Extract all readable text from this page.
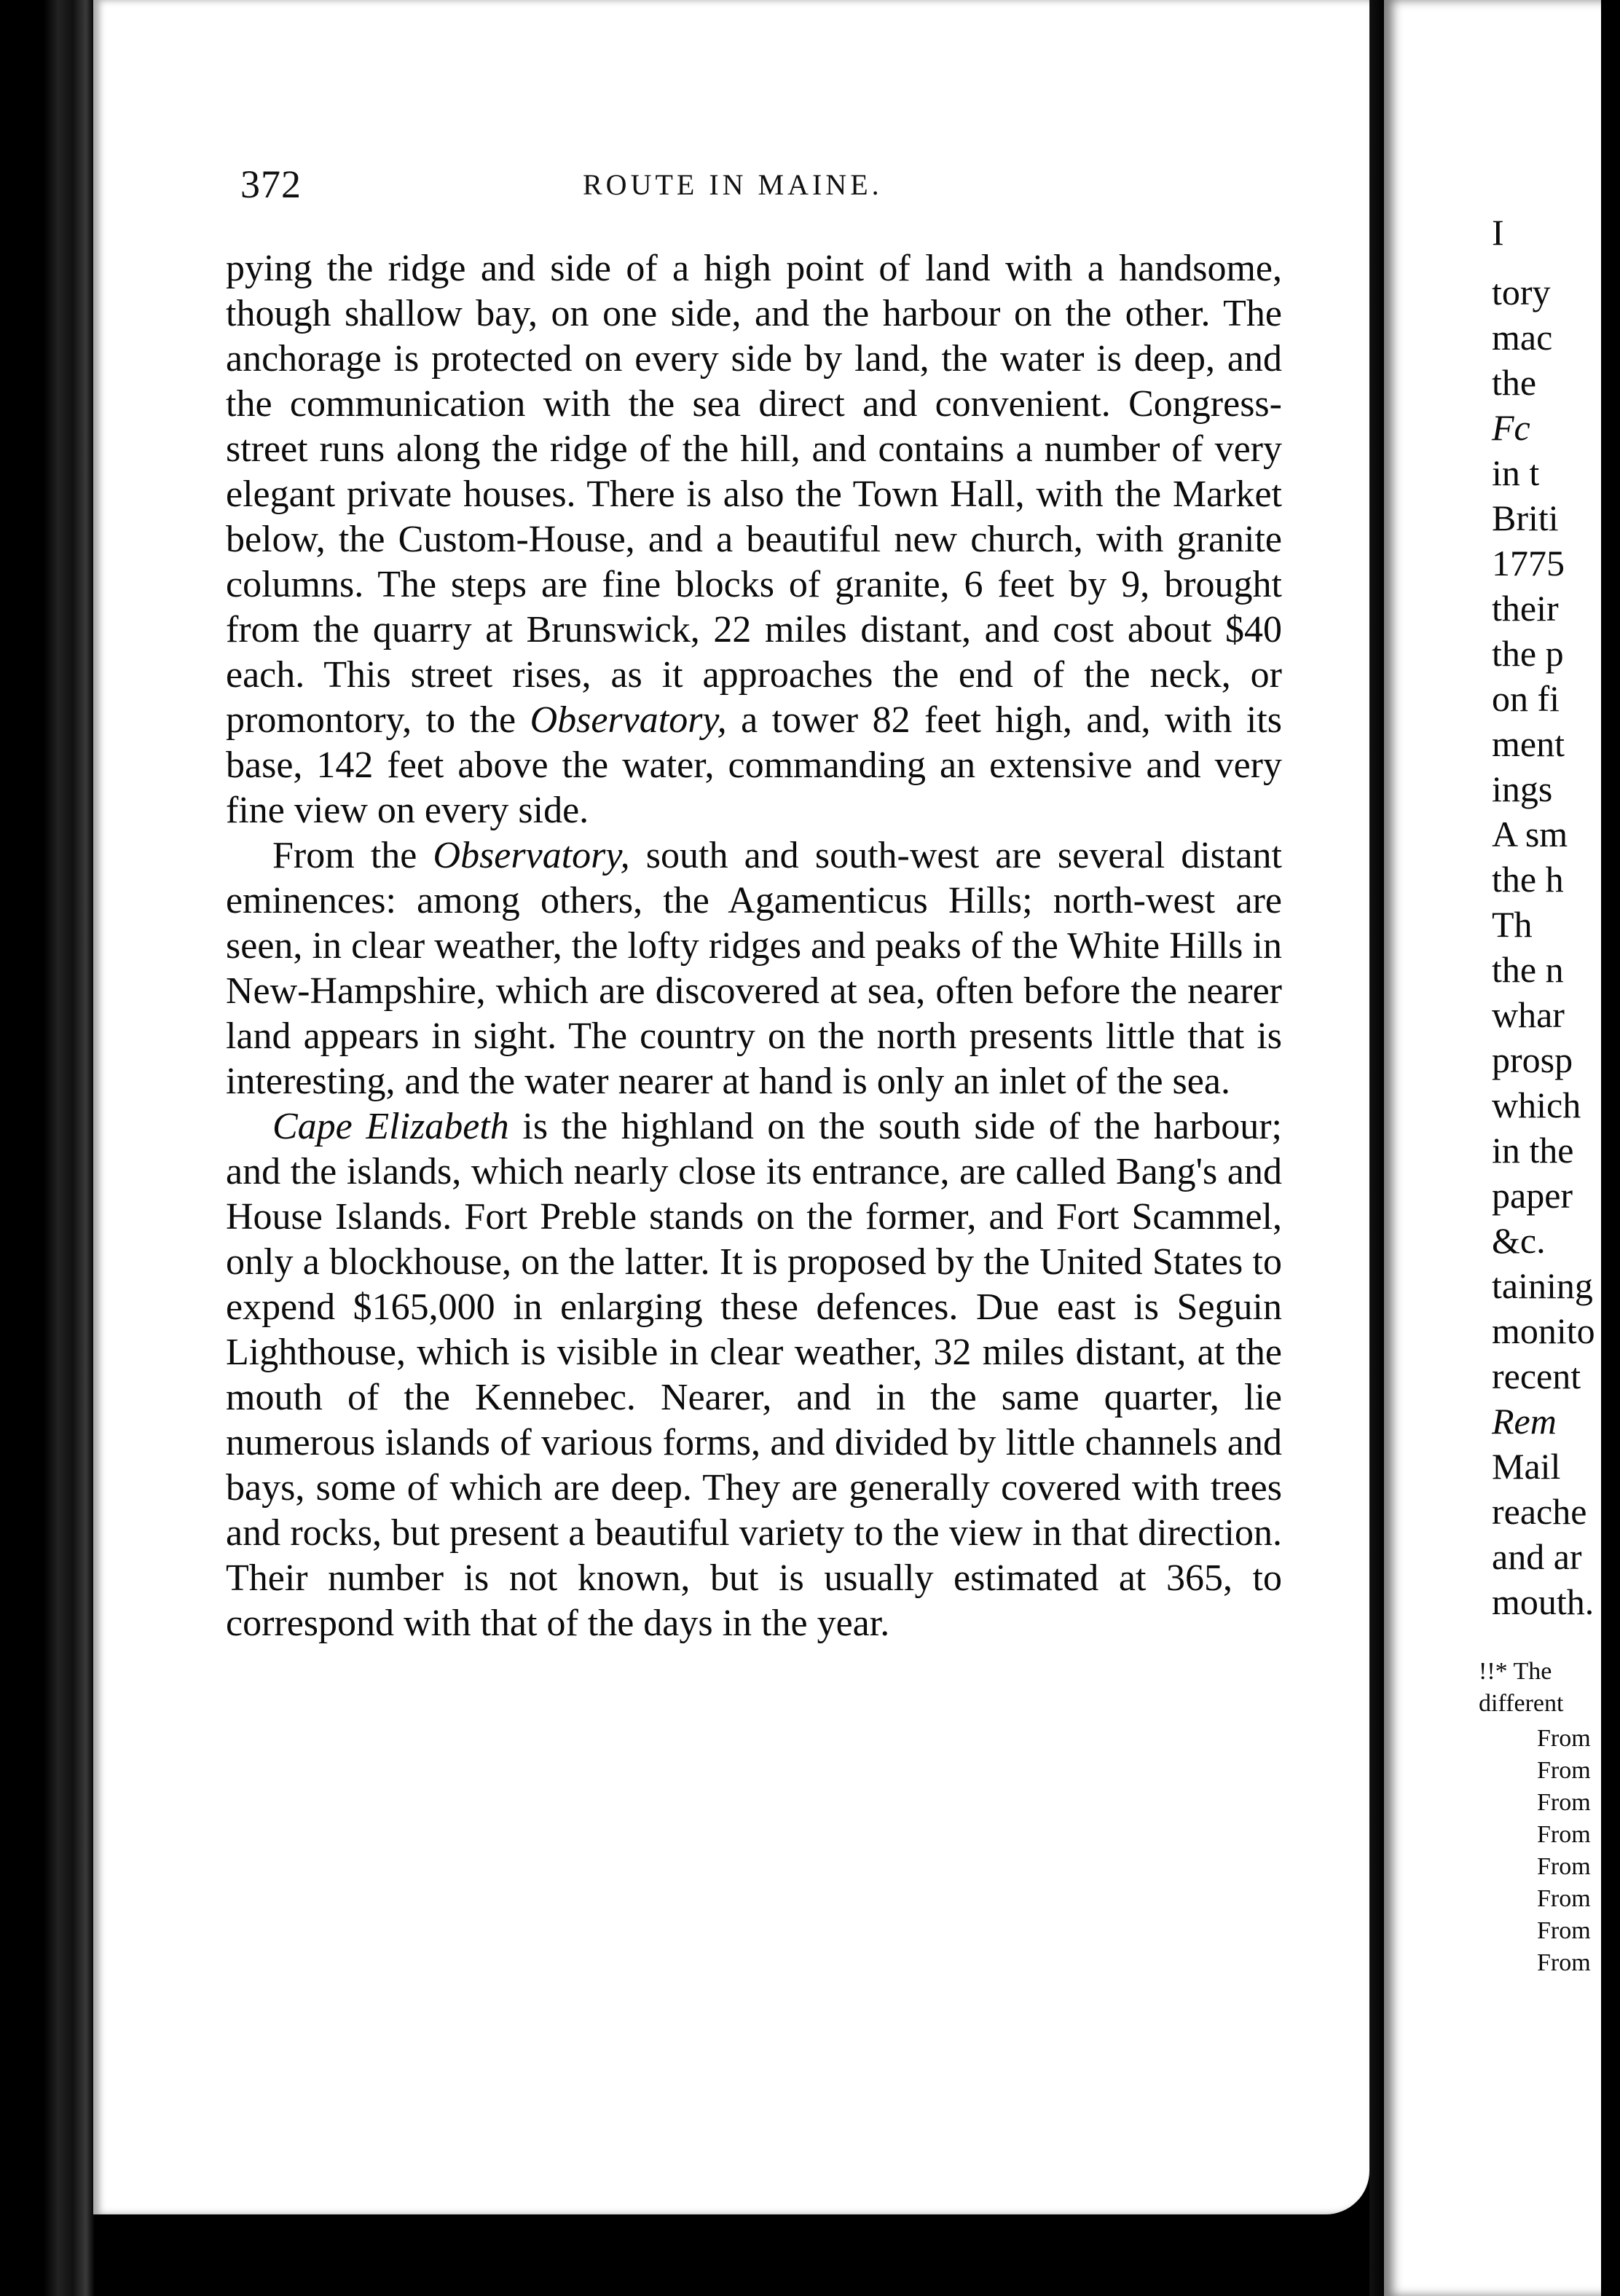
372	ROUTE IN MAINE.

pying the ridge and side of a high point of land with a handsome, though shallow bay, on one side, and the harbour on the other. The anchorage is protected on every side by land, the water is deep, and the communication with the sea direct and convenient. Congress-street runs along the ridge of the hill, and contains a number of very elegant private houses. There is also the Town Hall, with the Market below, the Custom-House, and a beautiful new church, with granite columns. The steps are fine blocks of granite, 6 feet by 9, brought from the quarry at Brunswick, 22 miles distant, and cost about $40 each. This street rises, as it approaches the end of the neck, or promontory, to the Observatory, a tower 82 feet high, and, with its base, 142 feet above the water, commanding an extensive and very fine view on every side.

From the Observatory, south and south-west are several distant eminences: among others, the Agamenticus Hills; north-west are seen, in clear weather, the lofty ridges and peaks of the White Hills in New-Hampshire, which are discovered at sea, often before the nearer land appears in sight. The country on the north presents little that is interesting, and the water nearer at hand is only an inlet of the sea.

Cape Elizabeth is the highland on the south side of the harbour; and the islands, which nearly close its entrance, are called Bang's and House Islands. Fort Preble stands on the former, and Fort Scammel, only a blockhouse, on the latter. It is proposed by the United States to expend $165,000 in enlarging these defences. Due east is Seguin Lighthouse, which is visible in clear weather, 32 miles distant, at the mouth of the Kennebec. Nearer, and in the same quarter, lie numerous islands of various forms, and divided by little channels and bays, some of which are deep. They are generally covered with trees and rocks, but present a beautiful variety to the view in that direction. Their number is not known, but is usually estimated at 365, to correspond with that of the days in the year.

I
tory
mac
the
Fc
in t
Briti
1775
their
the p
on fi
ment
ings
A sm
the h
Th
the n
whar
prosp
which
in the
paper
&c.
taining
monito
recent
Rem
Mail
reache
and ar
mouth.
!!* The
different
From
From
From
From
From
From
From
From
